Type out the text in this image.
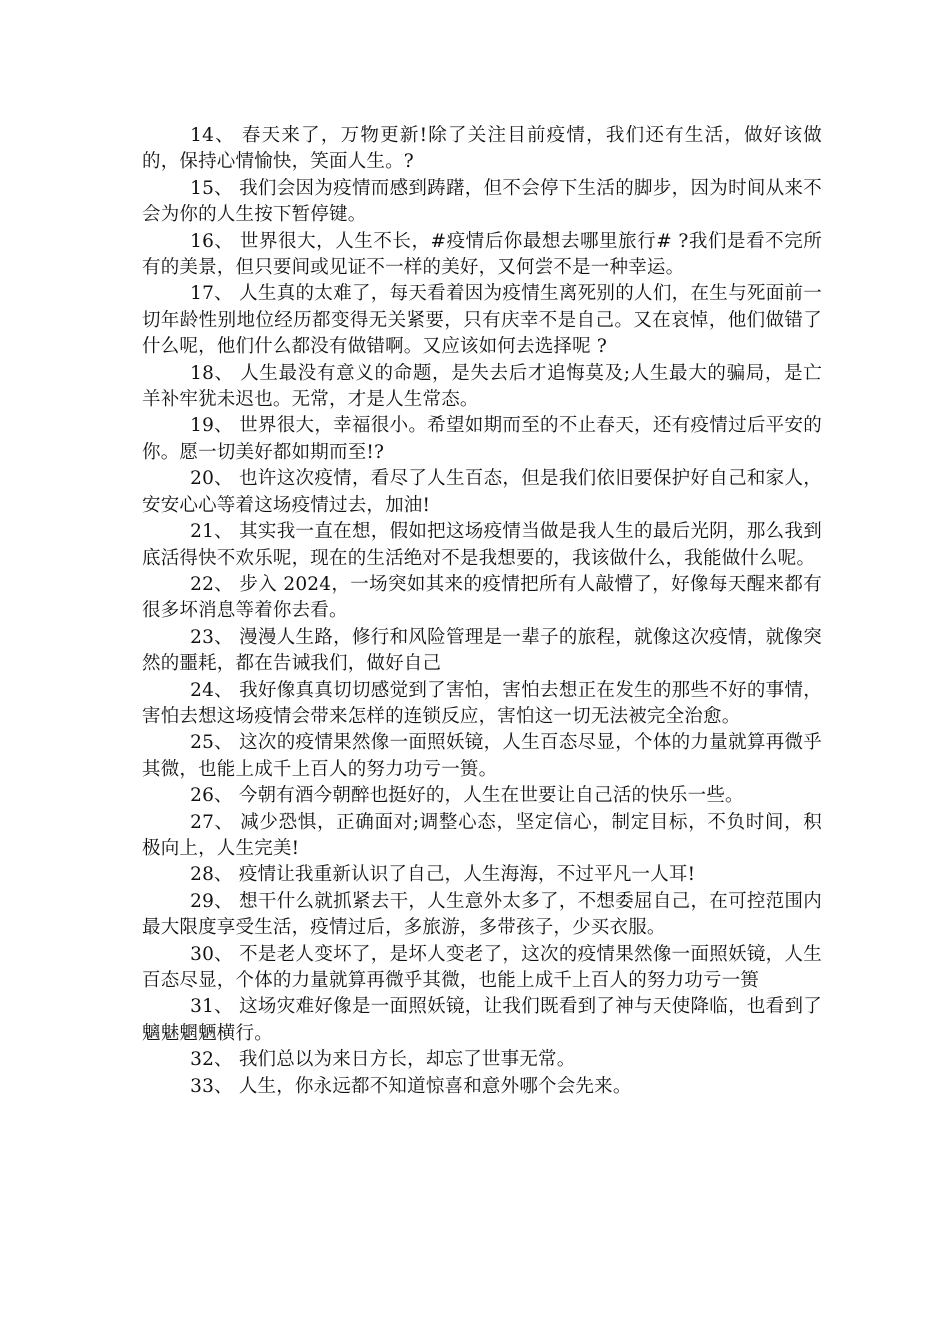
14、 春天来了，万物更新!除了关注目前疫情，我们还有生活，做好该做的，保持心情愉快，笑面人生。?

15、 我们会因为疫情而感到踌躇，但不会停下生活的脚步，因为时间从来不会为你的人生按下暂停键。

16、 世界很大，人生不长，#疫情后你最想去哪里旅行# ?我们是看不完所有的美景，但只要间或见证不一样的美好，又何尝不是一种幸运。

17、 人生真的太难了，每天看着因为疫情生离死别的人们，在生与死面前一切年龄性别地位经历都变得无关紧要，只有庆幸不是自己。又在哀悼，他们做错了什么呢，他们什么都没有做错啊。又应该如何去选择呢 ?

18、 人生最没有意义的命题，是失去后才追悔莫及;人生最大的骗局，是亡羊补牢犹未迟也。无常，才是人生常态。

19、 世界很大，幸福很小。希望如期而至的不止春天，还有疫情过后平安的你。愿一切美好都如期而至!?

20、 也许这次疫情，看尽了人生百态，但是我们依旧要保护好自己和家人，安安心心等着这场疫情过去，加油!

21、 其实我一直在想，假如把这场疫情当做是我人生的最后光阴，那么我到底活得快不欢乐呢，现在的生活绝对不是我想要的，我该做什么，我能做什么呢。

22、 步入 2024，一场突如其来的疫情把所有人敲懵了，好像每天醒来都有很多坏消息等着你去看。

23、 漫漫人生路，修行和风险管理是一辈子的旅程，就像这次疫情，就像突然的噩耗，都在告诫我们，做好自己

24、 我好像真真切切感觉到了害怕，害怕去想正在发生的那些不好的事情，害怕去想这场疫情会带来怎样的连锁反应，害怕这一切无法被完全治愈。

25、 这次的疫情果然像一面照妖镜，人生百态尽显，个体的力量就算再微乎其微，也能上成千上百人的努力功亏一篑。

26、 今朝有酒今朝醉也挺好的，人生在世要让自己活的快乐一些。

27、 减少恐惧，正确面对;调整心态，坚定信心，制定目标，不负时间，积极向上，人生完美!

28、 疫情让我重新认识了自己，人生海海，不过平凡一人耳!

29、 想干什么就抓紧去干，人生意外太多了，不想委屈自己，在可控范围内最大限度享受生活，疫情过后，多旅游，多带孩子，少买衣服。

30、 不是老人变坏了，是坏人变老了，这次的疫情果然像一面照妖镜，人生百态尽显，个体的力量就算再微乎其微，也能上成千上百人的努力功亏一篑

31、 这场灾难好像是一面照妖镜，让我们既看到了神与天使降临，也看到了魑魅魍魉横行。

32、 我们总以为来日方长，却忘了世事无常。

33、 人生，你永远都不知道惊喜和意外哪个会先来。
